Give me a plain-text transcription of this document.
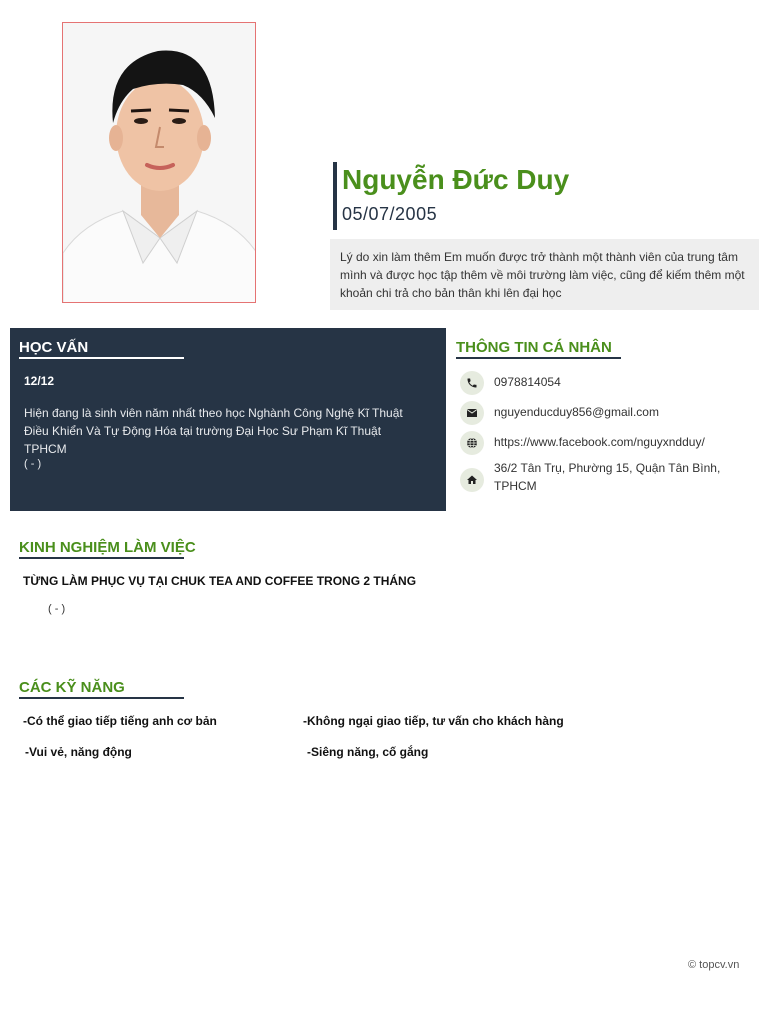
Nguyễn Đức Duy
05/07/2005
Lý do xin làm thêm Em muốn được trở thành một thành viên của trung tâm mình và được học tập thêm về môi trường làm việc, cũng để kiếm thêm một khoản chi trả cho bản thân khi lên đại học
HỌC VẤN
12/12
Hiện đang là sinh viên năm nhất theo học Nghành Công Nghệ Kĩ Thuật Điều Khiển Và Tự Động Hóa tại trường Đại Học Sư Phạm Kĩ Thuật TPHCM
( - )
THÔNG TIN CÁ NHÂN
0978814054
nguyenducduy856@gmail.com
https://www.facebook.com/nguyxndduy/
36/2 Tân Trụ, Phường 15, Quận Tân Bình, TPHCM
KINH NGHIỆM LÀM VIỆC
TỪNG LÀM PHỤC VỤ TẠI CHUK TEA AND COFFEE TRONG 2 THÁNG
( - )
CÁC KỸ NĂNG
-Có thể giao tiếp tiếng anh cơ bản	-Không ngại giao tiếp, tư vấn cho khách hàng
-Vui vẻ, năng động	-Siêng năng, cố gắng
© topcv.vn
